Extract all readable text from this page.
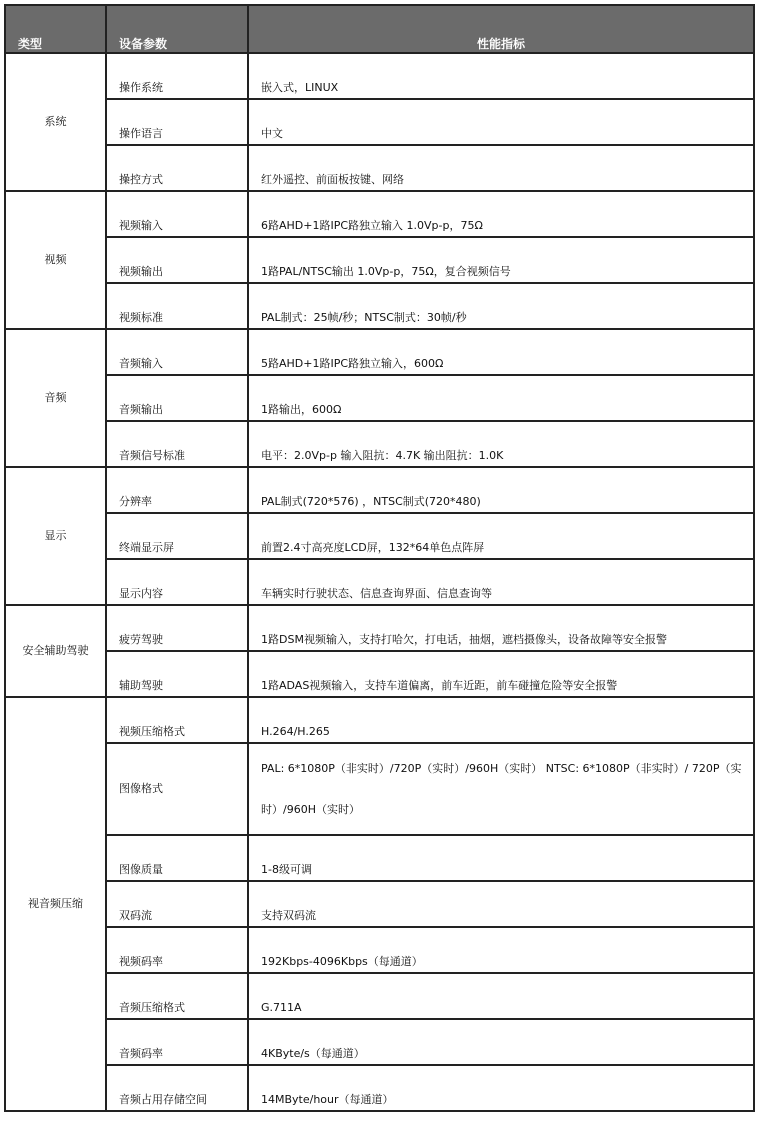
类型	设备参数	性能指标
系统	操作系统	嵌入式，LINUX
	操作语言	中文
	操控方式	红外遥控、前面板按键、网络
视频	视频输入	6路AHD+1路IPC路独立输入 1.0Vp-p，75Ω
	视频输出	1路PAL/NTSC输出 1.0Vp-p，75Ω，复合视频信号
	视频标准	PAL制式：25帧/秒；NTSC制式：30帧/秒
音频	音频输入	5路AHD+1路IPC路独立输入，600Ω
	音频输出	1路输出，600Ω
	音频信号标准	电平：2.0Vp-p 输入阻抗：4.7K 输出阻抗：1.0K
显示	分辨率	PAL制式(720*576) ，NTSC制式(720*480)
	终端显示屏	前置2.4寸高亮度LCD屏，132*64单色点阵屏
	显示内容	车辆实时行驶状态、信息查询界面、信息查询等
安全辅助驾驶	疲劳驾驶	1路DSM视频输入，支持打哈欠，打电话，抽烟，遮档摄像头，设备故障等安全报警
	辅助驾驶	1路ADAS视频输入，支持车道偏离，前车近距，前车碰撞危险等安全报警
视音频压缩	视频压缩格式	H.264/H.265
	图像格式	PAL: 6*1080P（非实时）/720P（实时）/960H（实时） NTSC: 6*1080P（非实时）/ 720P（实时）/960H（实时）

	图像质量	1-8级可调
	双码流	支持双码流
	视频码率	192Kbps-4096Kbps（每通道）
	音频压缩格式	G.711A
	音频码率	4KByte/s（每通道）
	音频占用存储空间	14MByte/hour（每通道）
